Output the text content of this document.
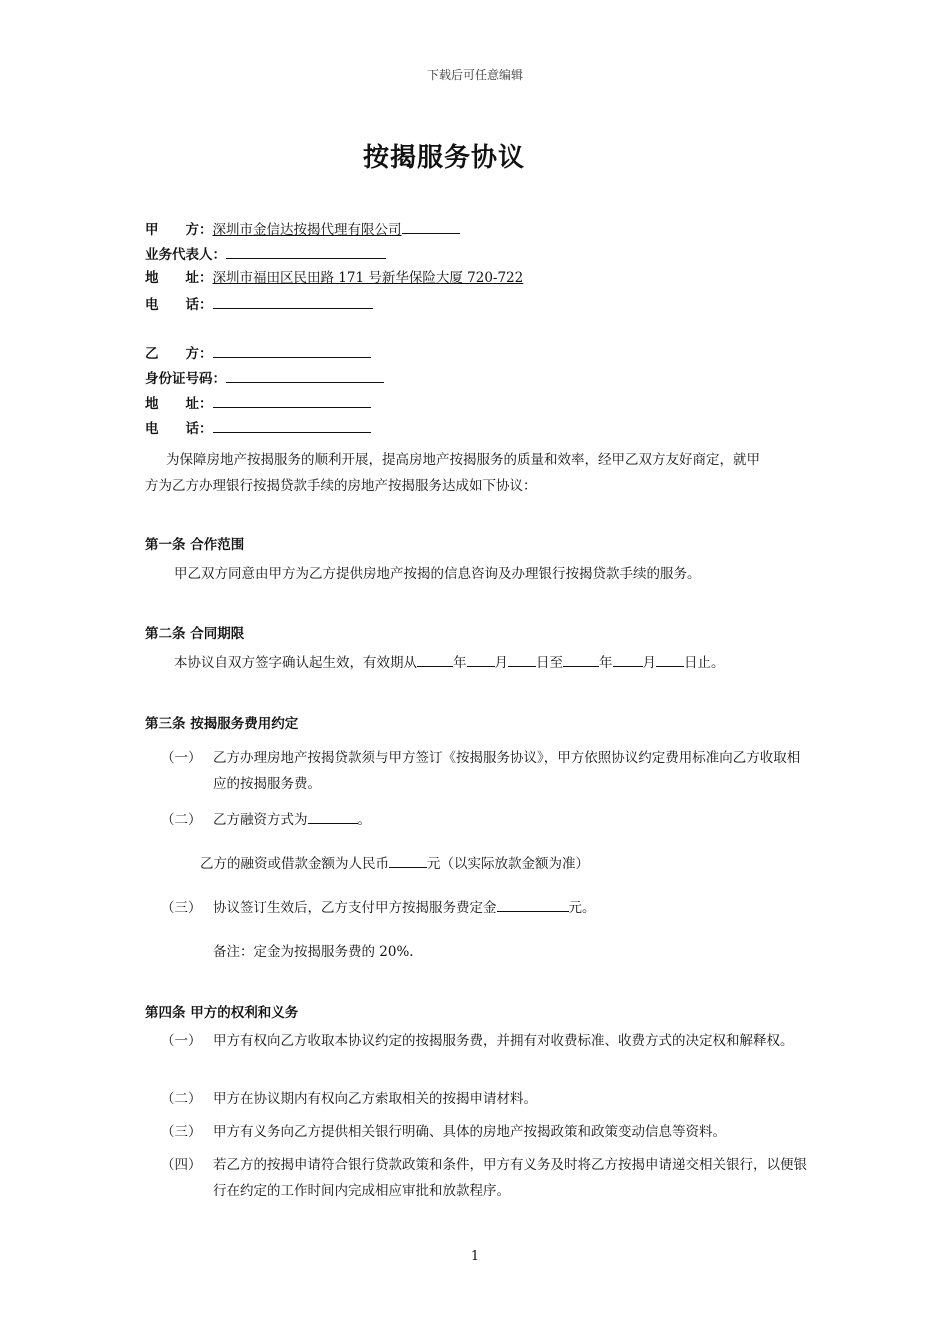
下载后可任意编辑
按揭服务协议
甲　　方：深圳市金信达按揭代理有限公司
业务代表人：
地　　址：深圳市福田区民田路 171 号新华保险大厦 720-722
电　　话：
乙　　方：
身份证号码：
地　　址：
电　　话：
为保障房地产按揭服务的顺利开展，提高房地产按揭服务的质量和效率，经甲乙双方友好商定，就甲
方为乙方办理银行按揭贷款手续的房地产按揭服务达成如下协议：
第一条 合作范围
甲乙双方同意由甲方为乙方提供房地产按揭的信息咨询及办理银行按揭贷款手续的服务。
第二条 合同期限
本协议自双方签字确认起生效，有效期从	年 月 日至	年 月 日止。
第三条 按揭服务费用约定
（一） 乙方办理房地产按揭贷款须与甲方签订《按揭服务协议》，甲方依照协议约定费用标准向乙方收取相应的按揭服务费。
（二） 乙方融资方式为	。
乙方的融资或借款金额为人民币	元（以实际放款金额为准）
（三） 协议签订生效后，乙方支付甲方按揭服务费定金	元。
备注：定金为按揭服务费的 20%.
第四条 甲方的权利和义务
（一） 甲方有权向乙方收取本协议约定的按揭服务费，并拥有对收费标准、收费方式的决定权和解释权。
（二） 甲方在协议期内有权向乙方索取相关的按揭申请材料。
（三） 甲方有义务向乙方提供相关银行明确、具体的房地产按揭政策和政策变动信息等资料。
（四） 若乙方的按揭申请符合银行贷款政策和条件，甲方有义务及时将乙方按揭申请递交相关银行，以便银行在约定的工作时间内完成相应审批和放款程序。
1
